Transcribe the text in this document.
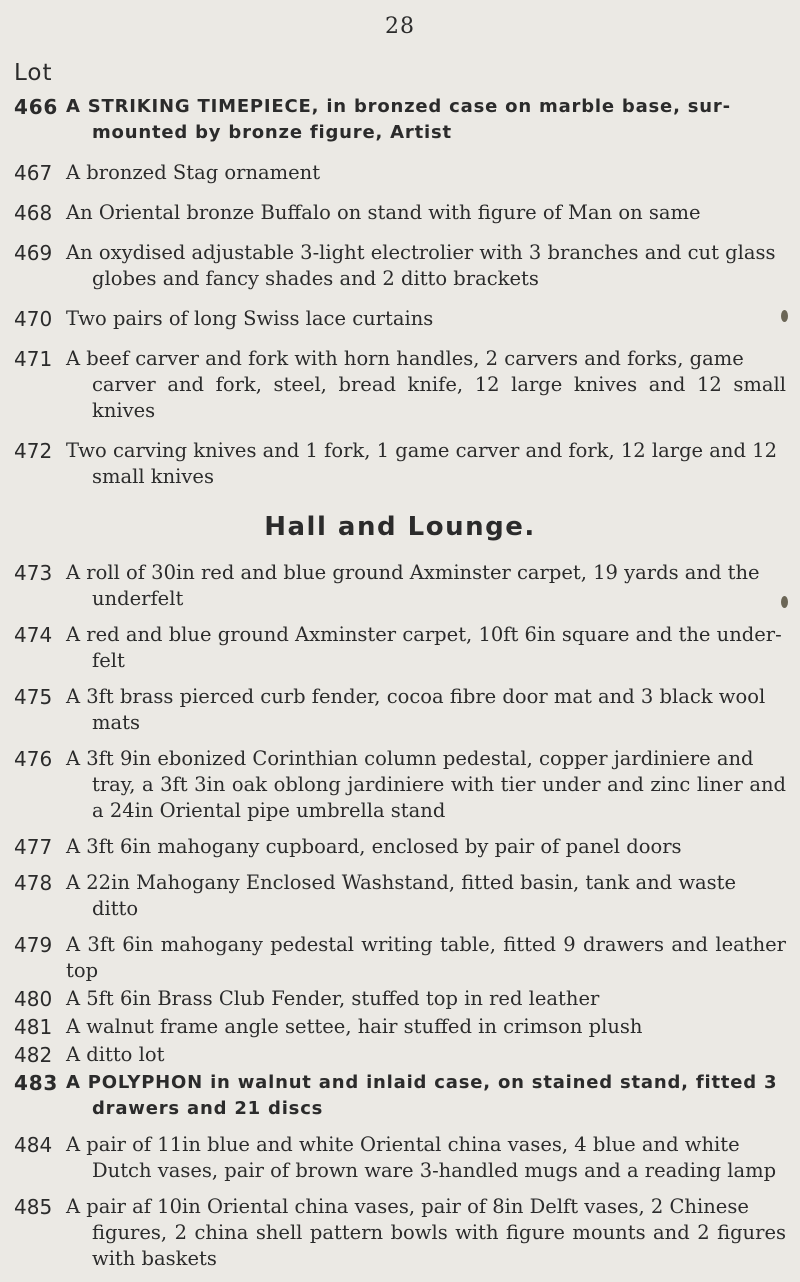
28
Lot
466 A STRIKING TIMEPIECE, in bronzed case on marble base, sur-
mounted by bronze figure, Artist
467 A bronzed Stag ornament
468 An Oriental bronze Buffalo on stand with figure of Man on same
469 An oxydised adjustable 3-light electrolier with 3 branches and cut glass
globes and fancy shades and 2 ditto brackets
470 Two pairs of long Swiss lace curtains
471 A beef carver and fork with horn handles, 2 carvers and forks, game
carver and fork, steel, bread knife, 12 large knives and 12 small knives
472 Two carving knives and 1 fork, 1 game carver and fork, 12 large and 12
small knives
Hall and Lounge.
473 A roll of 30in red and blue ground Axminster carpet, 19 yards and the
underfelt
474 A red and blue ground Axminster carpet, 10ft 6in square and the under-
felt
475 A 3ft brass pierced curb fender, cocoa fibre door mat and 3 black wool
mats
476 A 3ft 9in ebonized Corinthian column pedestal, copper jardiniere and
tray, a 3ft 3in oak oblong jardiniere with tier under and zinc liner and a 24in Oriental pipe umbrella stand
477 A 3ft 6in mahogany cupboard, enclosed by pair of panel doors
478 A 22in Mahogany Enclosed Washstand, fitted basin, tank and waste
ditto
479 A 3ft 6in mahogany pedestal writing table, fitted 9 drawers and leather top
480 A 5ft 6in Brass Club Fender, stuffed top in red leather
481 A walnut frame angle settee, hair stuffed in crimson plush
482 A ditto lot
483 A POLYPHON in walnut and inlaid case, on stained stand, fitted 3
drawers and 21 discs
484 A pair of 11in blue and white Oriental china vases, 4 blue and white
Dutch vases, pair of brown ware 3-handled mugs and a reading lamp
485 A pair af 10in Oriental china vases, pair of 8in Delft vases, 2 Chinese
figures, 2 china shell pattern bowls with figure mounts and 2 figures with baskets
